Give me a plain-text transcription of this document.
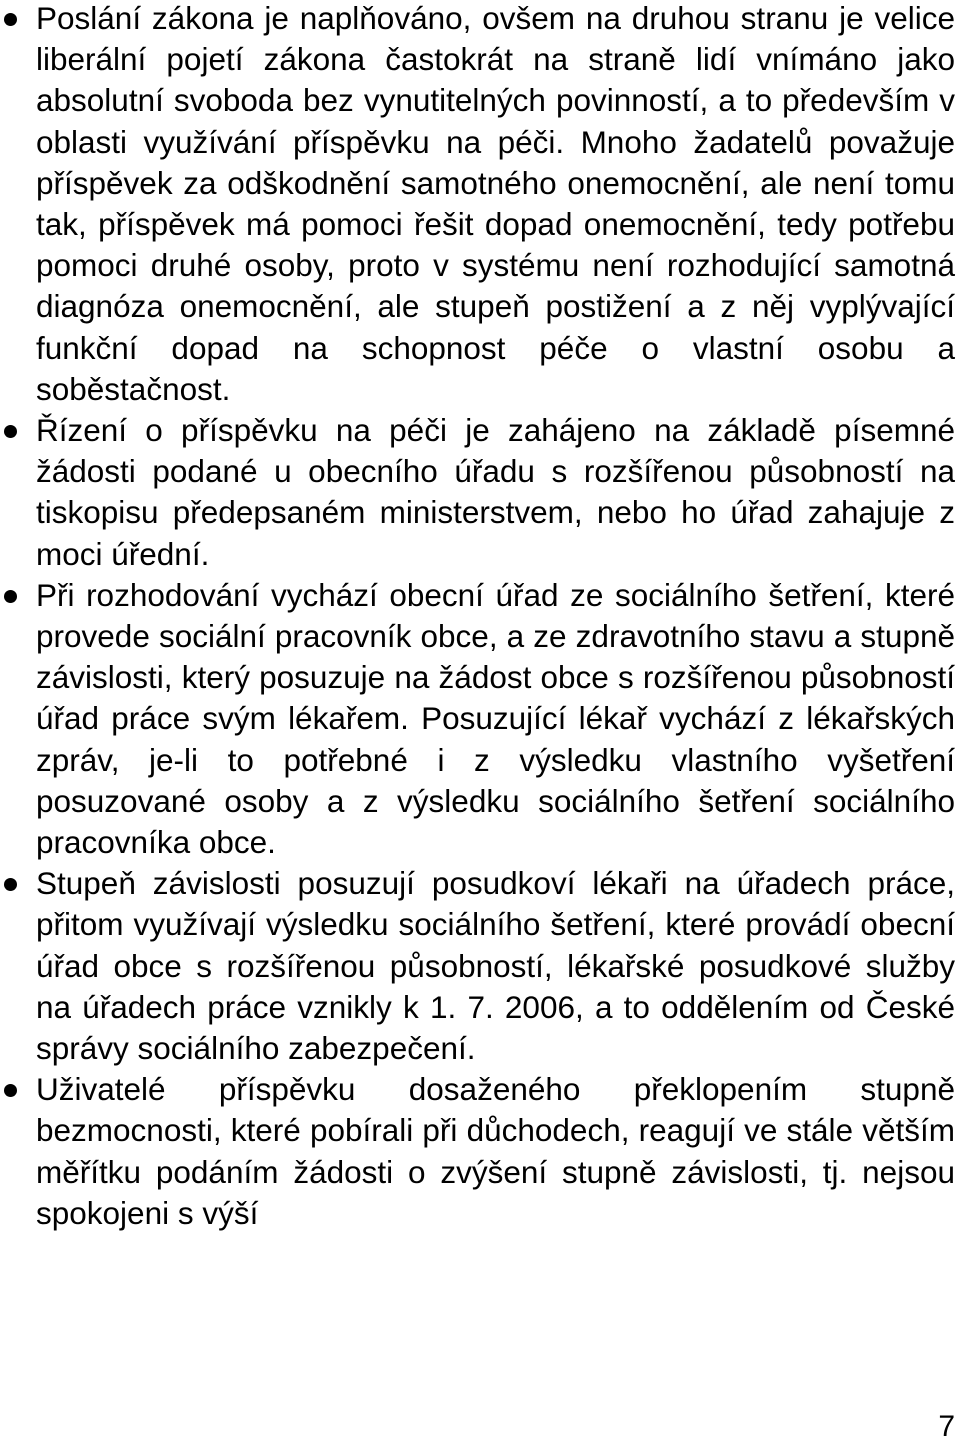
Poslání zákona je naplňováno, ovšem na druhou stranu je velice liberální pojetí zákona častokrát na straně lidí vnímáno jako absolutní svoboda bez vynutitelných povinností, a to především v oblasti využívání příspěvku na péči. Mnoho žadatelů považuje příspěvek za odškodnění samotného onemocnění, ale není tomu tak, příspěvek má pomoci řešit dopad onemocnění, tedy potřebu pomoci druhé osoby, proto v systému není rozhodující samotná diagnóza onemocnění, ale stupeň postižení a z něj vyplývající funkční dopad na schopnost péče o vlastní osobu a soběstačnost.
Řízení o příspěvku na péči je zahájeno na základě písemné žádosti podané u obecního úřadu s rozšířenou působností na tiskopisu předepsaném ministerstvem, nebo ho úřad zahajuje z moci úřední.
Při rozhodování vychází obecní úřad ze sociálního šetření, které provede sociální pracovník obce, a ze zdravotního stavu a stupně závislosti, který posuzuje na žádost obce s rozšířenou působností úřad práce svým lékařem. Posuzující lékař vychází z lékařských zpráv, je-li to potřebné i z výsledku vlastního vyšetření posuzované osoby a z výsledku sociálního šetření sociálního pracovníka obce.
Stupeň závislosti posuzují posudkoví lékaři na úřadech práce, přitom využívají výsledku sociálního šetření, které provádí obecní úřad obce s rozšířenou působností, lékařské posudkové služby na úřadech práce vznikly k 1. 7. 2006, a to oddělením od České správy sociálního zabezpečení.
Uživatelé příspěvku dosaženého překlopením stupně bezmocnosti, které pobírali při důchodech, reagují ve stále větším měřítku podáním žádosti o zvýšení stupně závislosti, tj. nejsou spokojeni s výší
7
